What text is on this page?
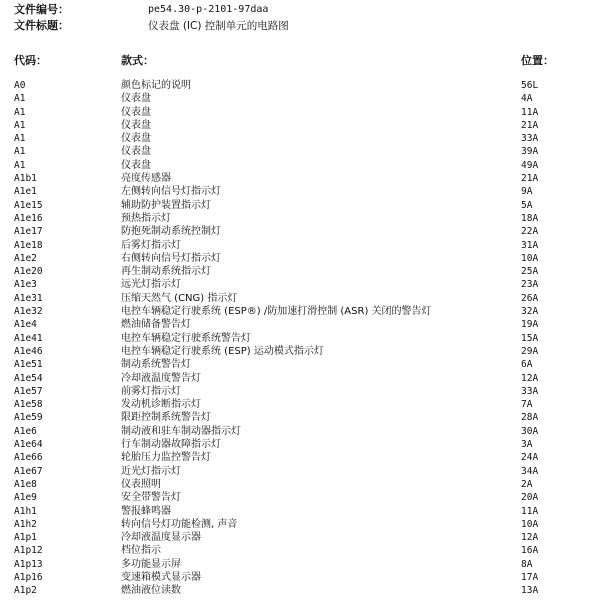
文件编号：	pe54.30-p-2101-97daa
文件标题：	仪表盘 (IC) 控制单元的电路图
代码：	款式：	位置：
A0	颜色标记的说明	56L
A1	仪表盘	4A
A1	仪表盘	11A
A1	仪表盘	21A
A1	仪表盘	33A
A1	仪表盘	39A
A1	仪表盘	49A
A1b1	亮度传感器	21A
A1e1	左侧转向信号灯指示灯	9A
A1e15	辅助防护装置指示灯	5A
A1e16	预热指示灯	18A
A1e17	防抱死制动系统控制灯	22A
A1e18	后雾灯指示灯	31A
A1e2	右侧转向信号灯指示灯	10A
A1e20	再生制动系统指示灯	25A
A1e3	远光灯指示灯	23A
A1e31	压缩天然气 (CNG) 指示灯	26A
A1e32	电控车辆稳定行驶系统 (ESP®) /防加速打滑控制 (ASR) 关闭的警告灯	32A
A1e4	燃油储备警告灯	19A
A1e41	电控车辆稳定行驶系统警告灯	15A
A1e46	电控车辆稳定行驶系统 (ESP) 运动模式指示灯	29A
A1e51	制动系统警告灯	6A
A1e54	冷却液温度警告灯	12A
A1e57	前雾灯指示灯	33A
A1e58	发动机诊断指示灯	7A
A1e59	限距控制系统警告灯	28A
A1e6	制动液和驻车制动器指示灯	30A
A1e64	行车制动器故障指示灯	3A
A1e66	轮胎压力监控警告灯	24A
A1e67	近光灯指示灯	34A
A1e8	仪表照明	2A
A1e9	安全带警告灯	20A
A1h1	警报蜂鸣器	11A
A1h2	转向信号灯功能检测, 声音	10A
A1p1	冷却液温度显示器	12A
A1p12	档位指示	16A
A1p13	多功能显示屏	8A
A1p16	变速箱模式显示器	17A
A1p2	燃油液位读数	13A
